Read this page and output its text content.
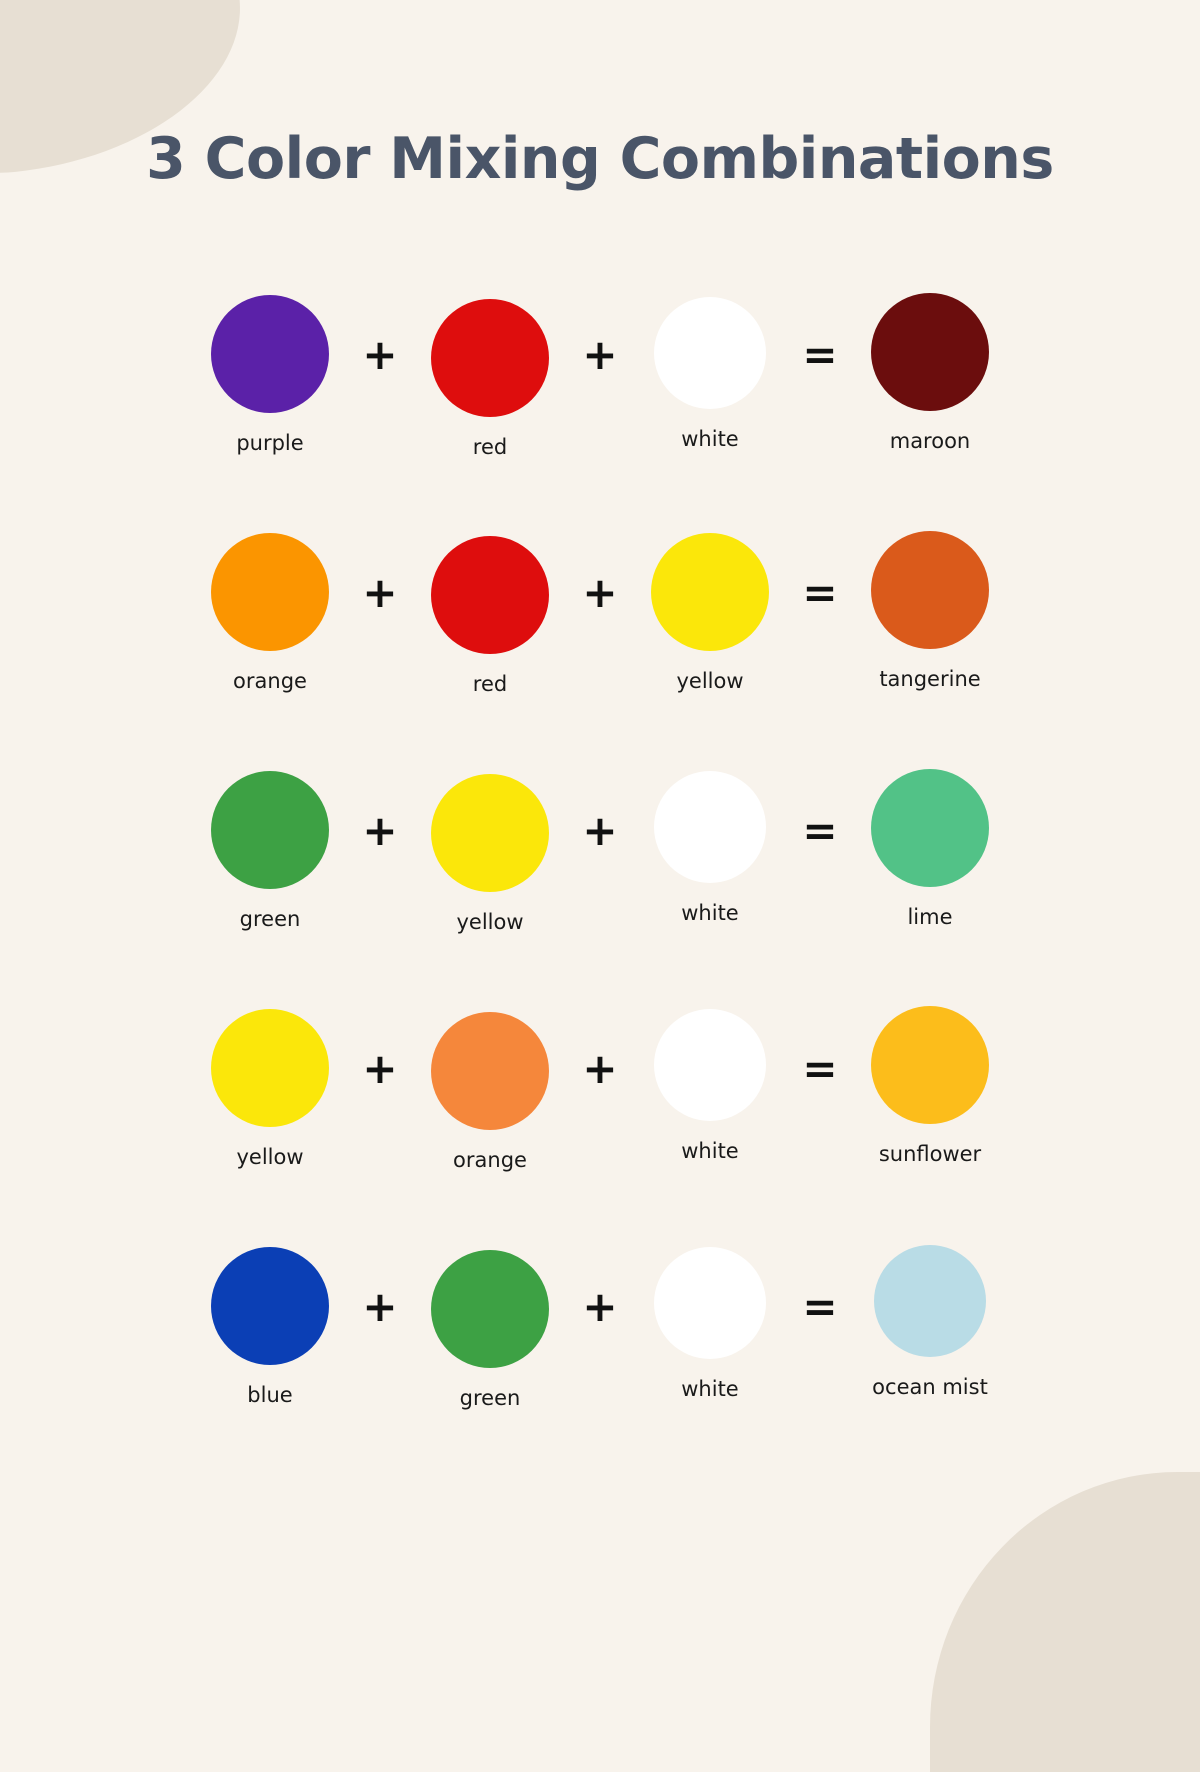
3 Color Mixing Combinations
purple
+
red
+
white
=
maroon
orange
+
red
+
yellow
=
tangerine
green
+
yellow
+
white
=
lime
yellow
+
orange
+
white
=
sunflower
blue
+
green
+
white
=
ocean mist
